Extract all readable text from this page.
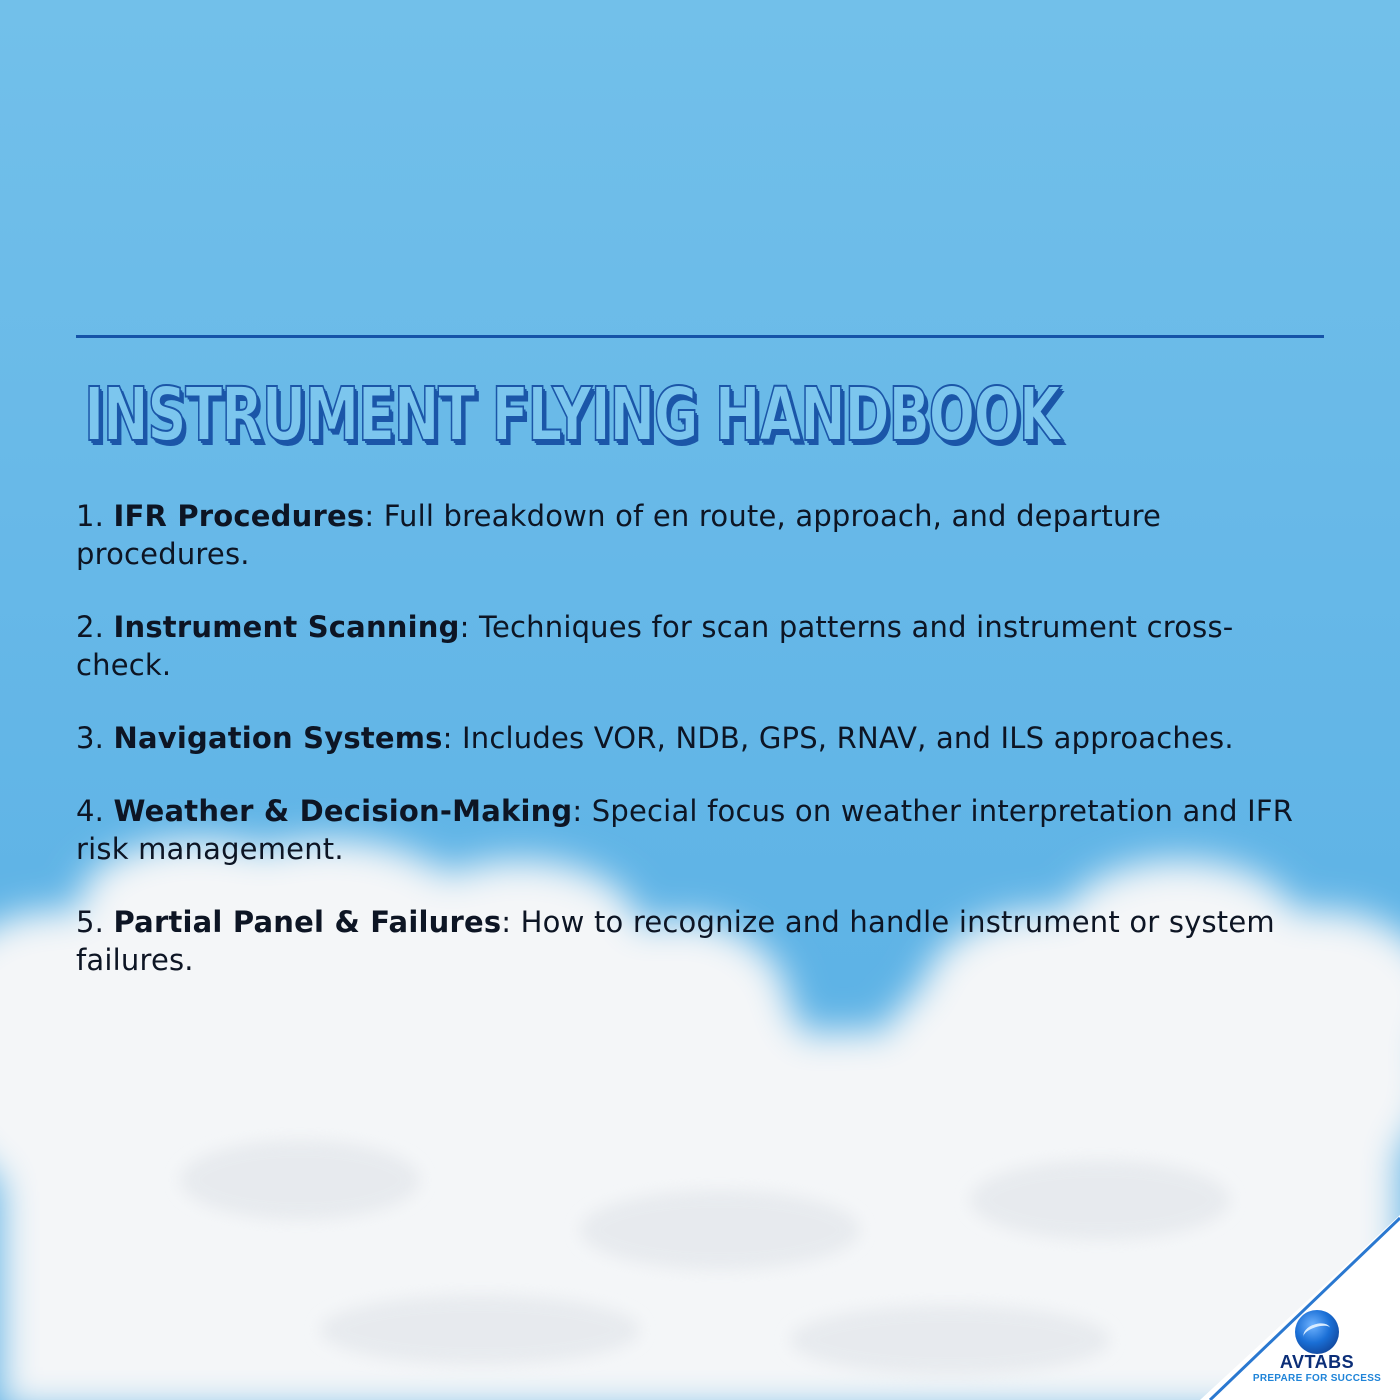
INSTRUMENT FLYING HANDBOOK

1. IFR Procedures: Full breakdown of en route, approach, and departure procedures.

2. Instrument Scanning: Techniques for scan patterns and instrument cross-check.

3. Navigation Systems: Includes VOR, NDB, GPS, RNAV, and ILS approaches.

4. Weather & Decision-Making: Special focus on weather interpretation and IFR risk management.

5. Partial Panel & Failures: How to recognize and handle instrument or system failures.

AVTABS
PREPARE FOR SUCCESS
